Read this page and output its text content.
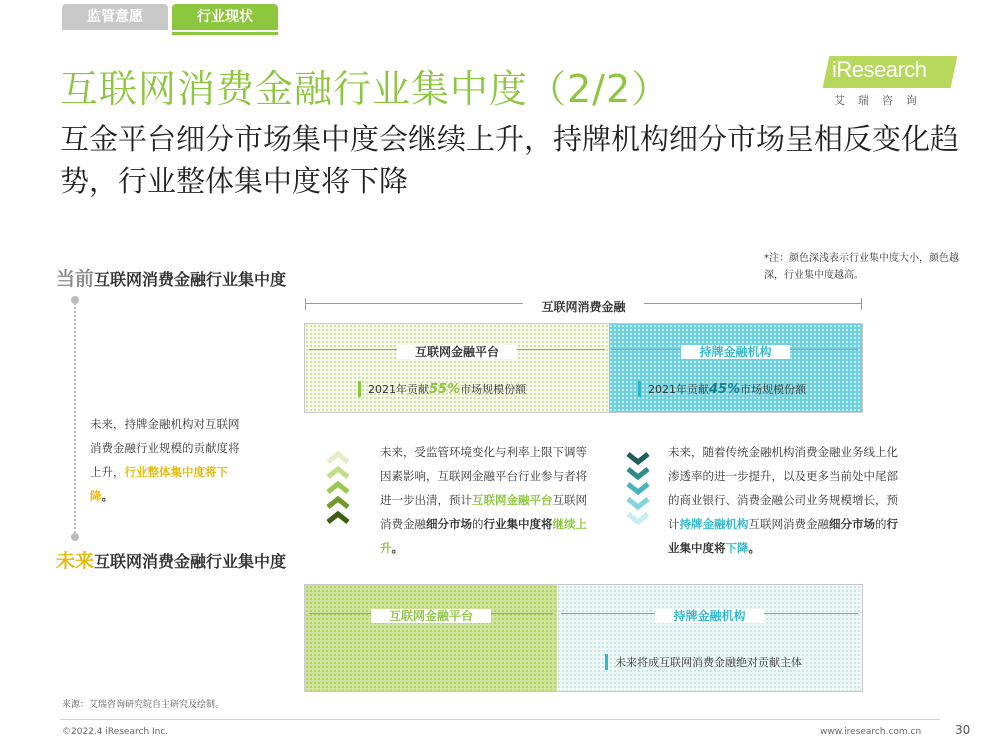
监管意愿	行业现状
互联网消费金融行业集中度（2/2）
互金平台细分市场集中度会继续上升，持牌机构细分市场呈相反变化趋势，行业整体集中度将下降
iResearch
艾瑞咨询
*注：颜色深浅表示行业集中度大小，颜色越深，行业集中度越高。
当前互联网消费金融行业集中度
未来，持牌金融机构对互联网消费金融行业规模的贡献度将上升，行业整体集中度将下降。
互联网消费金融
互联网金融平台	持牌金融机构
2021年贡献55%市场规模份额	2021年贡献45%市场规模份额
未来，受监管环境变化与利率上限下调等因素影响，互联网金融平台行业参与者将进一步出清，预计互联网金融平台互联网消费金融细分市场的行业集中度将继续上升。
未来，随着传统金融机构消费金融业务线上化渗透率的进一步提升，以及更多当前处中尾部的商业银行、消费金融公司业务规模增长，预计持牌金融机构互联网消费金融细分市场的行业集中度将下降。
未来互联网消费金融行业集中度
互联网金融平台	持牌金融机构
未来将成互联网消费金融绝对贡献主体
来源：艾瑞咨询研究院自主研究及绘制。
©2022.4 iResearch Inc.	www.iresearch.com.cn	30
